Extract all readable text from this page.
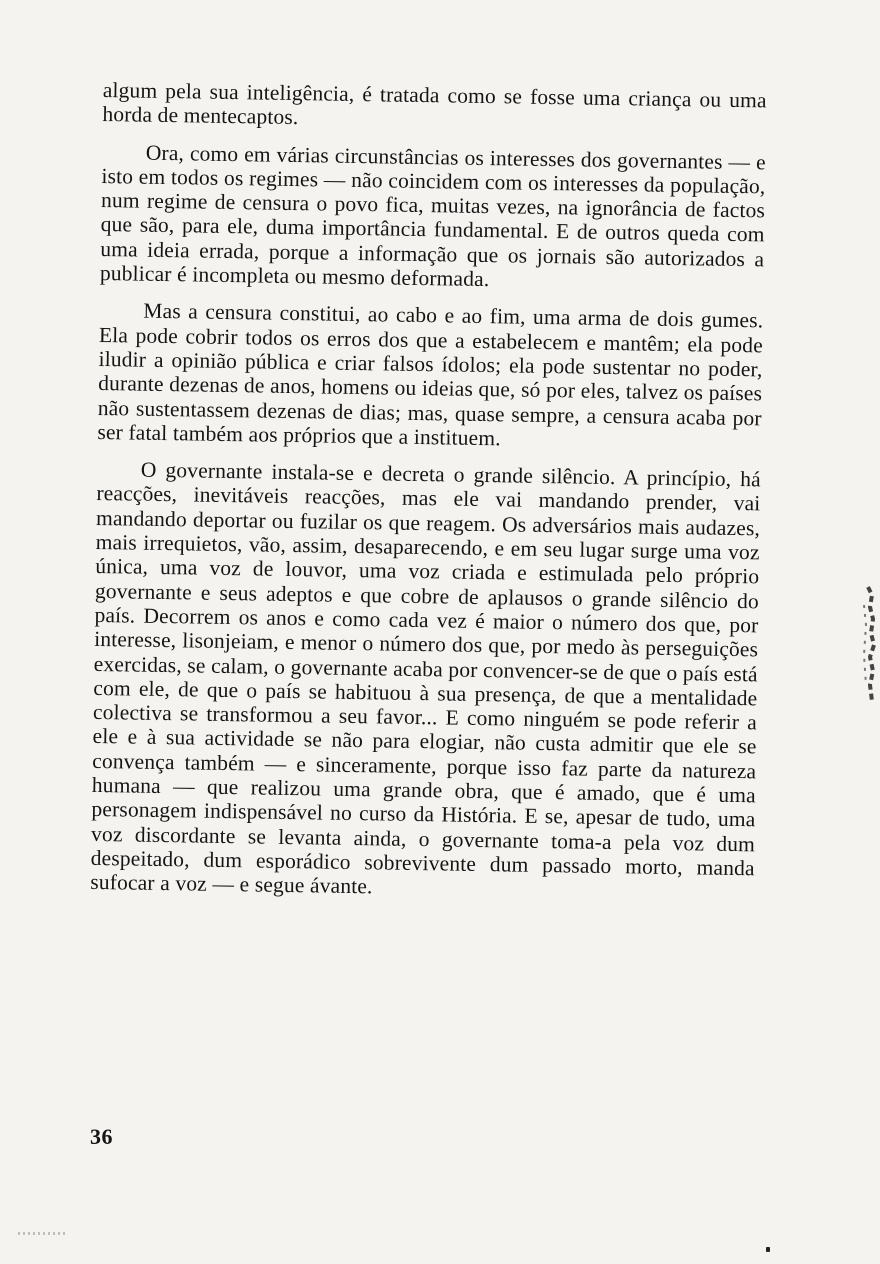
algum pela sua inteligência, é tratada como se fosse uma criança ou uma horda de mentecaptos.

Ora, como em várias circunstâncias os interesses dos governantes — e isto em todos os regimes — não coincidem com os interesses da população, num regime de censura o povo fica, muitas vezes, na ignorância de factos que são, para ele, duma importância fundamental. E de outros queda com uma ideia errada, porque a informação que os jornais são autorizados a publicar é incompleta ou mesmo deformada.

Mas a censura constitui, ao cabo e ao fim, uma arma de dois gumes. Ela pode cobrir todos os erros dos que a estabelecem e mantêm; ela pode iludir a opinião pública e criar falsos ídolos; ela pode sustentar no poder, durante dezenas de anos, homens ou ideias que, só por eles, talvez os países não sustentassem dezenas de dias; mas, quase sempre, a censura acaba por ser fatal também aos próprios que a instituem.

O governante instala-se e decreta o grande silêncio. A princípio, há reacções, inevitáveis reacções, mas ele vai mandando prender, vai mandando deportar ou fuzilar os que reagem. Os adversários mais audazes, mais irrequietos, vão, assim, desaparecendo, e em seu lugar surge uma voz única, uma voz de louvor, uma voz criada e estimulada pelo próprio governante e seus adeptos e que cobre de aplausos o grande silêncio do país. Decorrem os anos e como cada vez é maior o número dos que, por interesse, lisonjeiam, e menor o número dos que, por medo às perseguições exercidas, se calam, o governante acaba por convencer-se de que o país está com ele, de que o país se habituou à sua presença, de que a mentalidade colectiva se transformou a seu favor... E como ninguém se pode referir a ele e à sua actividade se não para elogiar, não custa admitir que ele se convença também — e sinceramente, porque isso faz parte da natureza humana — que realizou uma grande obra, que é amado, que é uma personagem indispensável no curso da História. E se, apesar de tudo, uma voz discordante se levanta ainda, o governante toma-a pela voz dum despeitado, dum esporádico sobrevivente dum passado morto, manda sufocar a voz — e segue ávante.

36
